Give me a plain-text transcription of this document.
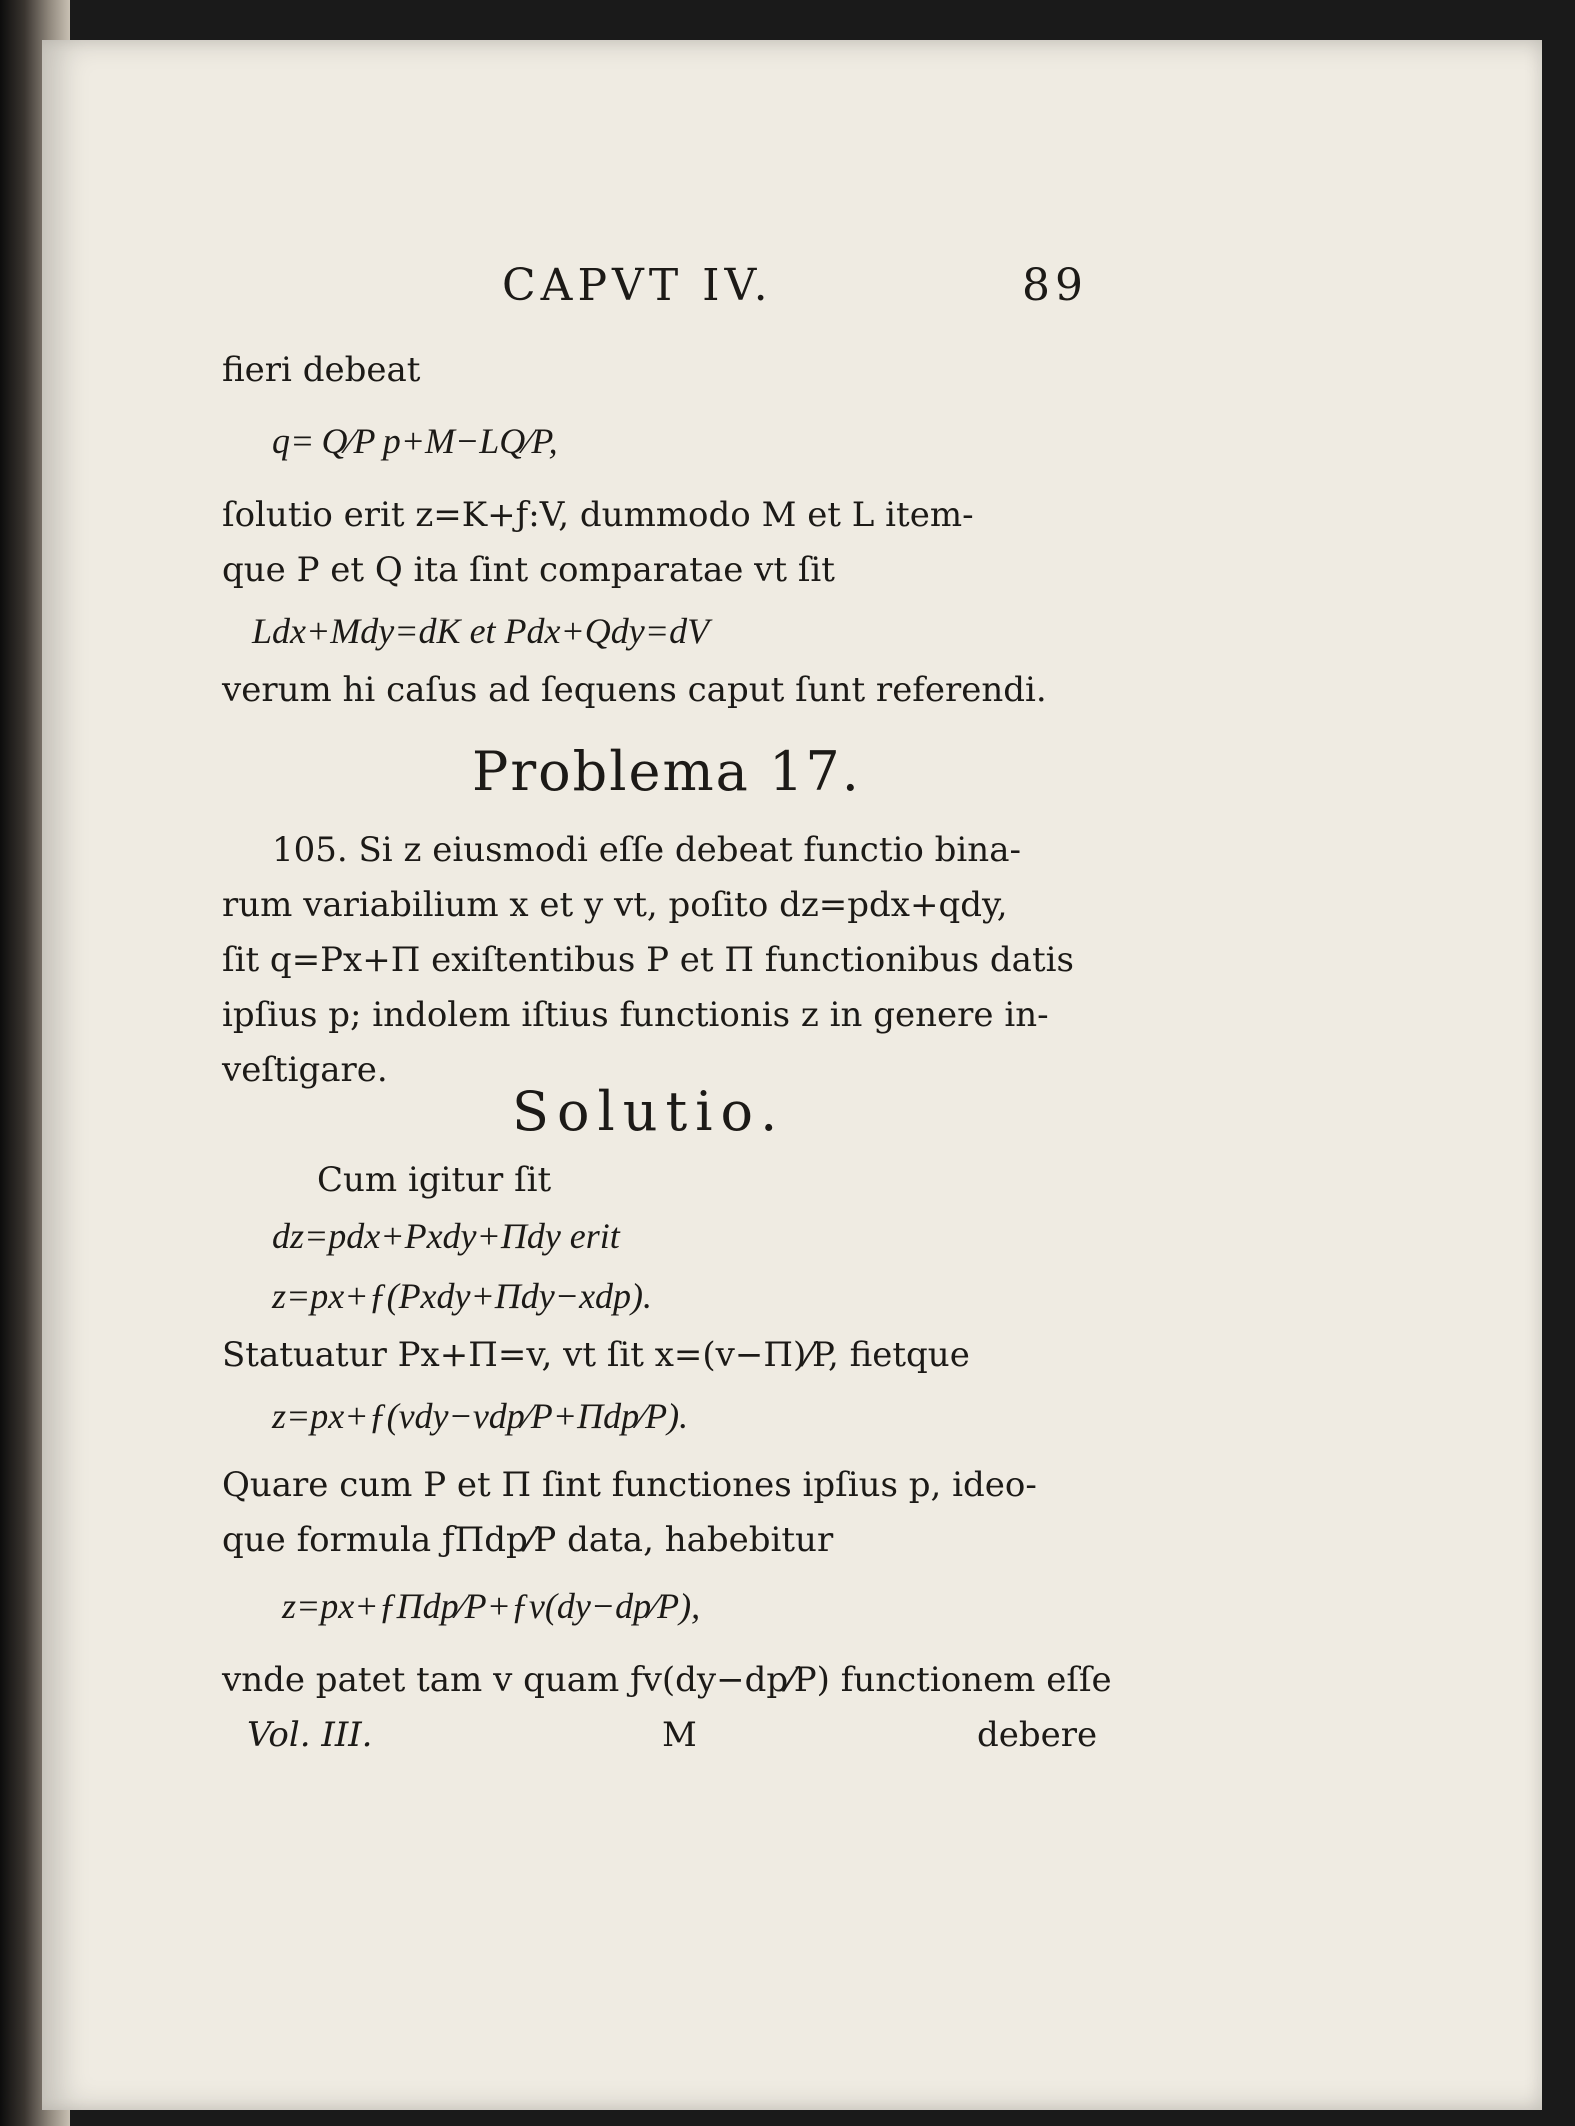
CAPVT IV.	89
fieri debeat
q= Q⁄P p+M−LQ⁄P,
ſolutio erit z=K+ƒ:V, dummodo M et L item-
que P et Q ita ſint comparatae vt ſit
Ldx+Mdy=dK et Pdx+Qdy=dV
verum hi caſus ad ſequens caput ſunt referendi.
Problema 17.
105. Si z eiusmodi eſſe debeat functio bina-
rum variabilium x et y vt, poſito dz=pdx+qdy,
ſit q=Px+Π exiſtentibus P et Π functionibus datis
ipſius p; indolem iſtius functionis z in genere in-
veſtigare.
Solutio.
Cum igitur ſit
dz=pdx+Pxdy+Πdy erit
z=px+ƒ(Pxdy+Πdy−xdp).
Statuatur Px+Π=v, vt ſit x=(v−Π)⁄P, fietque
z=px+ƒ(vdy−vdp⁄P+Πdp⁄P).
Quare cum P et Π ſint functiones ipſius p, ideo-
que formula ƒΠdp⁄P data, habebitur
z=px+ƒΠdp⁄P+ƒv(dy−dp⁄P),
vnde patet tam v quam ƒv(dy−dp⁄P) functionem eſſe
Vol. III.	M	debere
